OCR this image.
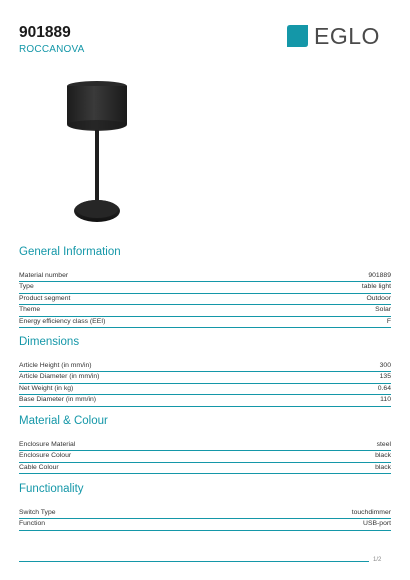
901889
ROCCANOVA
EGLO
General Information
Material number	901889
Type	table light
Product segment	Outdoor
Theme	Solar
Energy efficiency class (EEI)	F
Dimensions
Article Height (in mm/in)	300
Article Diameter (in mm/in)	135
Net Weight (in kg)	0.64
Base Diameter (in mm/in)	110
Material & Colour
Enclosure Material	steel
Enclosure Colour	black
Cable Colour	black
Functionality
Switch Type	touchdimmer
Function	USB-port
1/2
